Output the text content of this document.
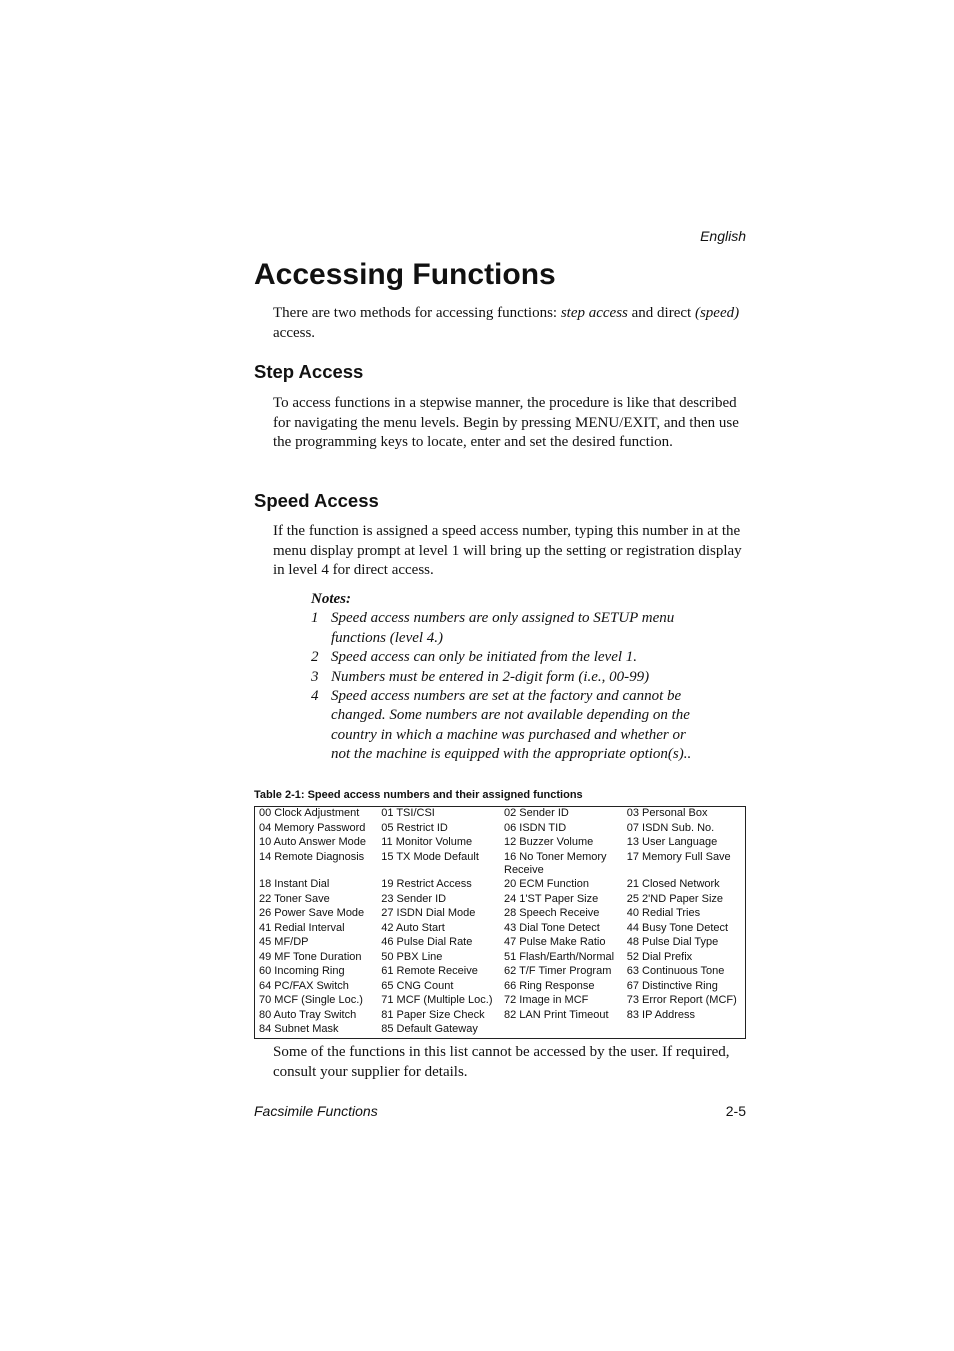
English
Accessing Functions

There are two methods for accessing functions: step access and direct (speed) access.

Step Access

To access functions in a stepwise manner, the procedure is like that described for navigating the menu levels. Begin by pressing MENU/EXIT, and then use the programming keys to locate, enter and set the desired function.

Speed Access

If the function is assigned a speed access number, typing this number in at the menu display prompt at level 1 will bring up the setting or registration display in level 4 for direct access.

Notes:
1 Speed access numbers are only assigned to SETUP menu functions (level 4.)
2 Speed access can only be initiated from the level 1.
3 Numbers must be entered in 2-digit form (i.e., 00-99)
4 Speed access numbers are set at the factory and cannot be changed. Some numbers are not available depending on the country in which a machine was purchased and whether or not the machine is equipped with the appropriate option(s)..
Table 2-1: Speed access numbers and their assigned functions
00 Clock Adjustment	01 TSI/CSI	02 Sender ID	03 Personal Box
04 Memory Password	05 Restrict ID	06 ISDN TID	07 ISDN Sub. No.
10 Auto Answer Mode	11 Monitor Volume	12 Buzzer Volume	13 User Language
14 Remote Diagnosis	15 TX Mode Default	16 No Toner Memory Receive	17 Memory Full Save
18 Instant Dial	19 Restrict Access	20 ECM Function	21 Closed Network
22 Toner Save	23 Sender ID	24 1'ST Paper Size	25 2'ND Paper Size
26 Power Save Mode	27 ISDN Dial Mode	28 Speech Receive	40 Redial Tries
41 Redial Interval	42 Auto Start	43 Dial Tone Detect	44 Busy Tone Detect
45 MF/DP	46 Pulse Dial Rate	47 Pulse Make Ratio	48 Pulse Dial Type
49 MF Tone Duration	50 PBX Line	51 Flash/Earth/Normal	52 Dial Prefix
60 Incoming Ring	61 Remote Receive	62 T/F Timer Program	63 Continuous Tone
64 PC/FAX Switch	65 CNG Count	66 Ring Response	67 Distinctive Ring
70 MCF (Single Loc.)	71 MCF (Multiple Loc.)	72 Image in MCF	73 Error Report (MCF)
80 Auto Tray Switch	81 Paper Size Check	82 LAN Print Timeout	83 IP Address
84 Subnet Mask	85 Default Gateway		

Some of the functions in this list cannot be accessed by the user. If required, consult your supplier for details.

Facsimile Functions	2-5
